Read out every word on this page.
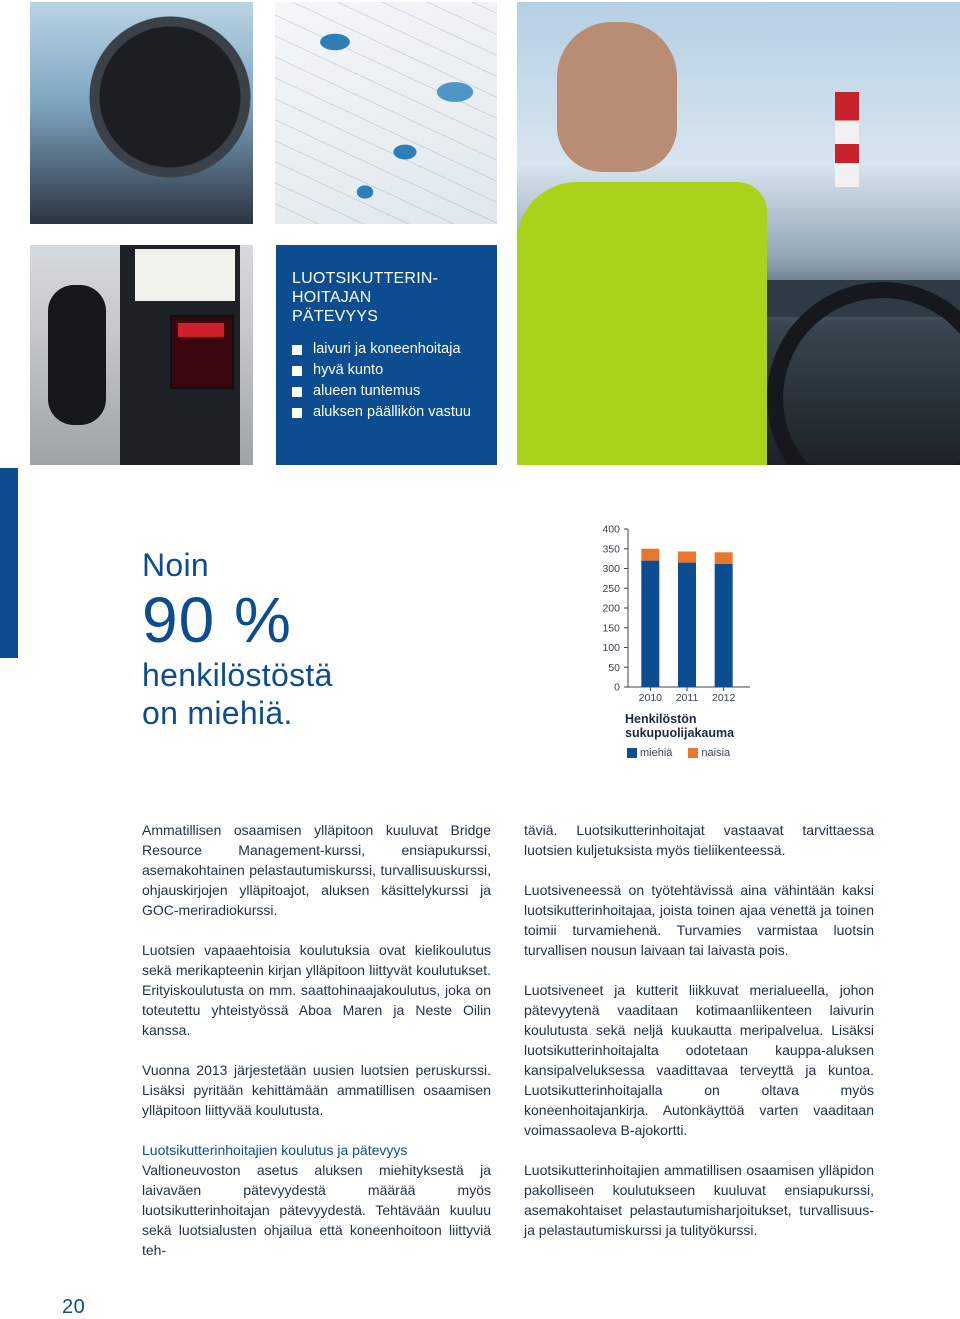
LUOTSIKUTTERIN-
HOITAJAN
PÄTEVYYS
laivuri ja koneenhoitaja
hyvä kunto
alueen tuntemus
aluksen päällikön vastuu
Noin
90 %
henkilöstöstä
on miehiä.
0
50
100
150
200
250
300
350
400
2010 2011 2012
Henkilöstön
sukupuolijakauma
miehiä	naisia

Ammatillisen osaamisen ylläpitoon kuuluvat Bridge Resource Management-kurssi, ensiapukurssi, asemakohtainen pelastautumiskurssi, turvallisuuskurssi, ohjauskirjojen ylläpitoajot, aluksen käsittelykurssi ja GOC-meriradiokurssi.

Luotsien vapaaehtoisia koulutuksia ovat kielikoulutus sekä merikapteenin kirjan ylläpitoon liittyvät koulutukset. Erityiskoulutusta on mm. saattohinaajakoulutus, joka on toteutettu yhteistyössä Aboa Maren ja Neste Oilin kanssa.

Vuonna 2013 järjestetään uusien luotsien peruskurssi. Lisäksi pyritään kehittämään ammatillisen osaamisen ylläpitoon liittyvää koulutusta.

Luotsikutterinhoitajien koulutus ja pätevyys
Valtioneuvoston asetus aluksen miehityksestä ja laivaväen pätevyydestä määrää myös luotsikutterinhoitajan pätevyydestä. Tehtävään kuuluu sekä luotsialusten ohjailua että koneenhoitoon liittyviä teh-

täviä. Luotsikutterinhoitajat vastaavat tarvittaessa luotsien kuljetuksista myös tieliikenteessä.

Luotsiveneessä on työtehtävissä aina vähintään kaksi luotsikutterinhoitajaa, joista toinen ajaa venettä ja toinen toimii turvamiehenä. Turvamies varmistaa luotsin turvallisen nousun laivaan tai laivasta pois.

Luotsiveneet ja kutterit liikkuvat merialueella, johon pätevyytenä vaaditaan kotimaanliikenteen laivurin koulutusta sekä neljä kuukautta meripalvelua. Lisäksi luotsikutterinhoitajalta odotetaan kauppa-aluksen kansipalveluksessa vaadittavaa terveyttä ja kuntoa. Luotsikutterinhoitajalla on oltava myös koneenhoitajankirja. Autonkäyttöä varten vaaditaan voimassaoleva B-ajokortti.

Luotsikutterinhoitajien ammatillisen osaamisen ylläpidon pakolliseen koulutukseen kuuluvat ensiapukurssi, asemakohtaiset pelastautumisharjoitukset, turvallisuus- ja pelastautumiskurssi ja tulityökurssi.

20
